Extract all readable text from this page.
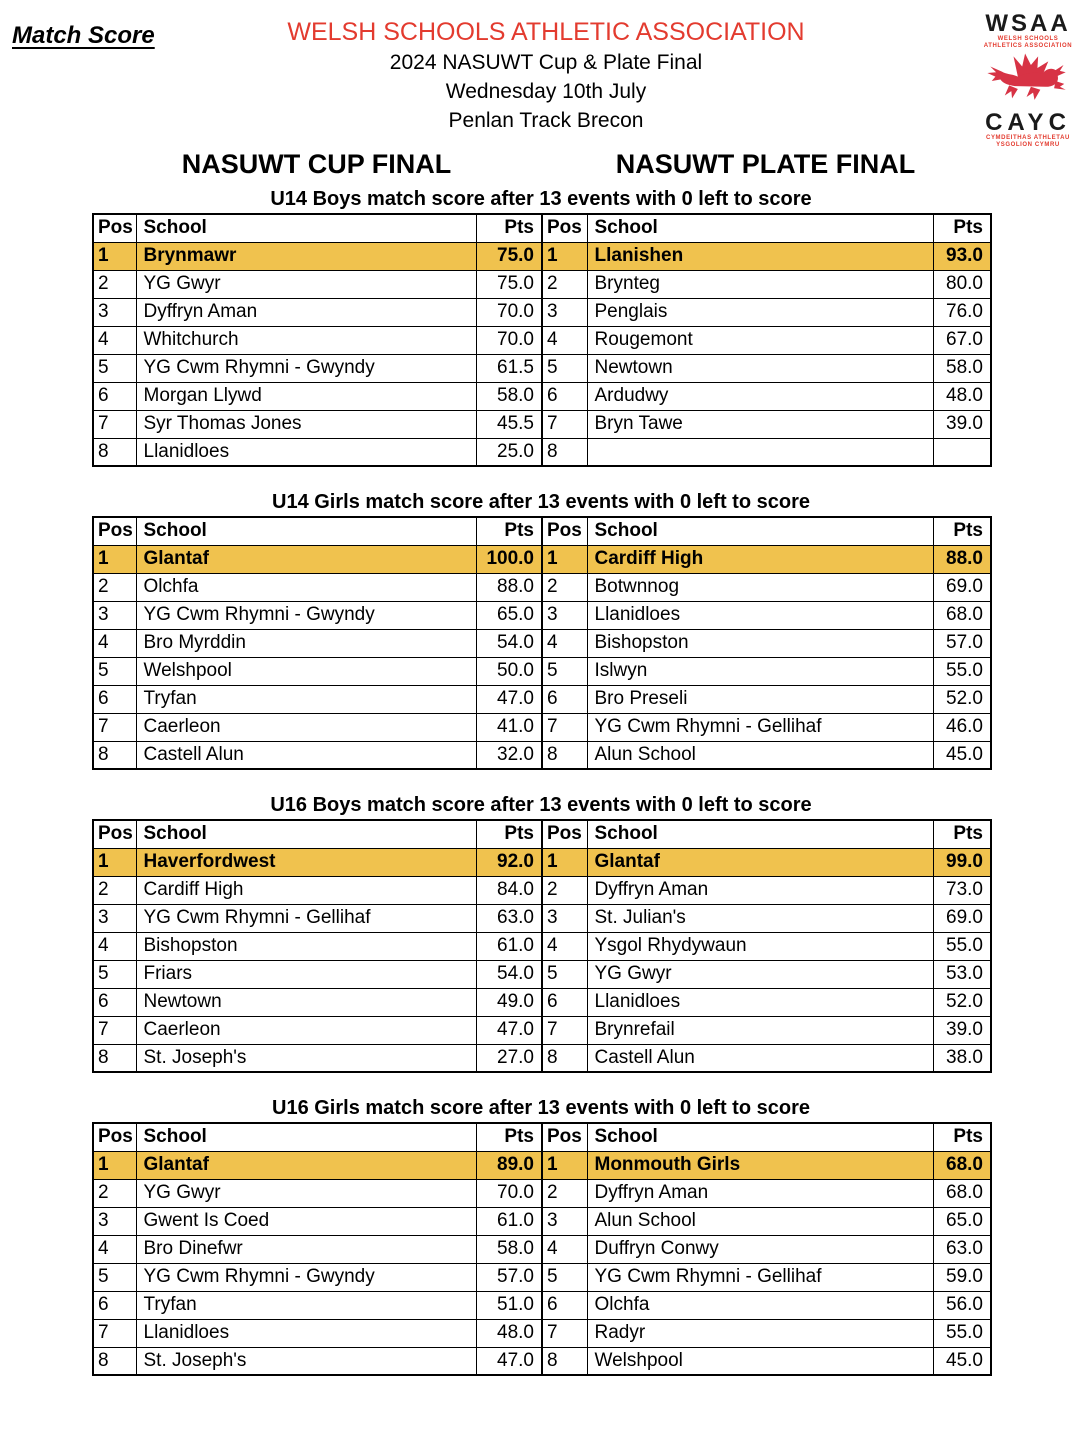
Match Score	WELSH SCHOOLS ATHLETIC ASSOCIATION
2024 NASUWT Cup & Plate Final
Wednesday 10th July
Penlan Track Brecon
WSAA
WELSH SCHOOLS
ATHLETICS ASSOCIATION
CAYC
CYMDEITHAS ATHLETAU
YSGOLION CYMRU
NASUWT CUP FINAL	NASUWT PLATE FINAL
U14 Boys match score after 13 events with 0 left to score
Pos	School	Pts	Pos	School	Pts
1	Brynmawr	75.0	1	Llanishen	93.0
2	YG Gwyr	75.0	2	Brynteg	80.0
3	Dyffryn Aman	70.0	3	Penglais	76.0
4	Whitchurch	70.0	4	Rougemont	67.0
5	YG Cwm Rhymni - Gwyndy	61.5	5	Newtown	58.0
6	Morgan Llywd	58.0	6	Ardudwy	48.0
7	Syr Thomas Jones	45.5	7	Bryn Tawe	39.0
8	Llanidloes	25.0	8		
U14 Girls match score after 13 events with 0 left to score
Pos	School	Pts	Pos	School	Pts
1	Glantaf	100.0	1	Cardiff High	88.0
2	Olchfa	88.0	2	Botwnnog	69.0
3	YG Cwm Rhymni - Gwyndy	65.0	3	Llanidloes	68.0
4	Bro Myrddin	54.0	4	Bishopston	57.0
5	Welshpool	50.0	5	Islwyn	55.0
6	Tryfan	47.0	6	Bro Preseli	52.0
7	Caerleon	41.0	7	YG Cwm Rhymni - Gellihaf	46.0
8	Castell Alun	32.0	8	Alun School	45.0
U16 Boys match score after 13 events with 0 left to score
Pos	School	Pts	Pos	School	Pts
1	Haverfordwest	92.0	1	Glantaf	99.0
2	Cardiff High	84.0	2	Dyffryn Aman	73.0
3	YG Cwm Rhymni - Gellihaf	63.0	3	St. Julian's	69.0
4	Bishopston	61.0	4	Ysgol Rhydywaun	55.0
5	Friars	54.0	5	YG Gwyr	53.0
6	Newtown	49.0	6	Llanidloes	52.0
7	Caerleon	47.0	7	Brynrefail	39.0
8	St. Joseph's	27.0	8	Castell Alun	38.0
U16 Girls match score after 13 events with 0 left to score
Pos	School	Pts	Pos	School	Pts
1	Glantaf	89.0	1	Monmouth Girls	68.0
2	YG Gwyr	70.0	2	Dyffryn Aman	68.0
3	Gwent Is Coed	61.0	3	Alun School	65.0
4	Bro Dinefwr	58.0	4	Duffryn Conwy	63.0
5	YG Cwm Rhymni - Gwyndy	57.0	5	YG Cwm Rhymni - Gellihaf	59.0
6	Tryfan	51.0	6	Olchfa	56.0
7	Llanidloes	48.0	7	Radyr	55.0
8	St. Joseph's	47.0	8	Welshpool	45.0
